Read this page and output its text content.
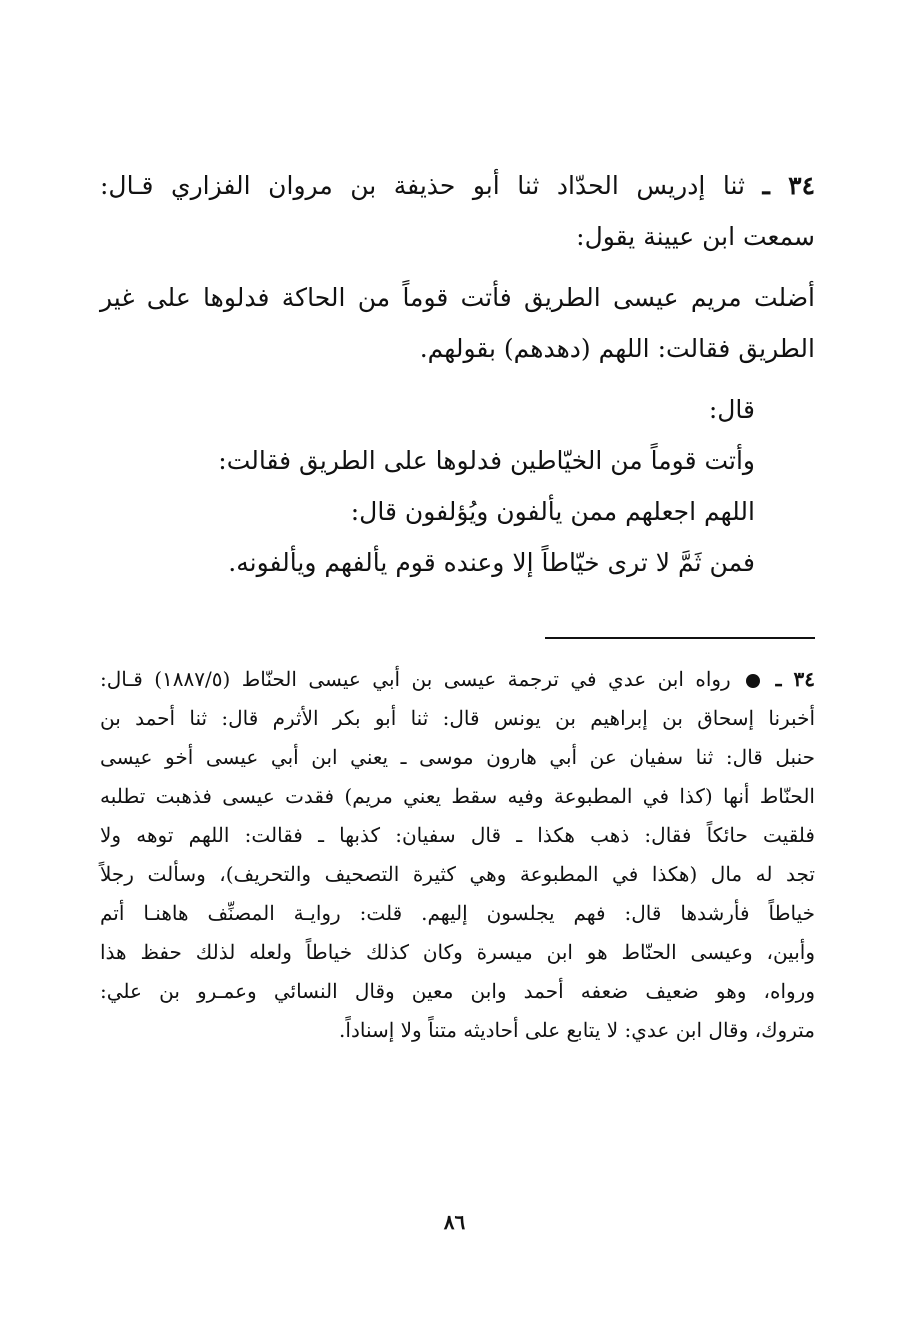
٣٤ ـ ثنا إدريس الحدّاد ثنا أبو حذيفة بن مروان الفزاري قـال:
سمعت ابن عيينة يقول:
أضلت مريم عيسى الطريق فأتت قوماً من الحاكة فدلوها على غير
الطريق فقالت: اللهم (دهدهم) بقولهم.
قال:
وأتت قوماً من الخيّاطين فدلوها على الطريق فقالت:
اللهم اجعلهم ممن يألفون ويُؤلفون قال:
فمن ثَمَّ لا ترى خيّاطاً إلا وعنده قوم يألفهم ويألفونه.
٣٤ ـ  رواه ابن عدي في ترجمة عيسى بن أبي عيسى الحنّاط (١٨٨٧/٥) قـال:
أخبرنا إسحاق بن إبراهيم بن يونس قال: ثنا أبو بكر الأثرم قال: ثنا أحمد بن
حنبل قال: ثنا سفيان عن أبي هارون موسى ـ يعني ابن أبي عيسى أخو عيسى
الحنّاط أنها (كذا في المطبوعة وفيه سقط يعني مريم) فقدت عيسى فذهبت تطلبه
فلقيت حائكاً فقال: ذهب هكذا ـ قال سفيان: كذبها ـ فقالت: اللهم توهه ولا
تجد له مال (هكذا في المطبوعة وهي كثيرة التصحيف والتحريف)، وسألت رجلاً
خياطاً فأرشدها قال: فهم يجلسون إليهم. قلت: روايـة المصنِّف هاهنـا أتم
وأبين، وعيسى الحنّاط هو ابن ميسرة وكان كذلك خياطاً ولعله لذلك حفظ هذا
ورواه، وهو ضعيف ضعفه أحمد وابن معين وقال النسائي وعمـرو بن علي:
متروك، وقال ابن عدي: لا يتابع على أحاديثه متناً ولا إسناداً.
٨٦
